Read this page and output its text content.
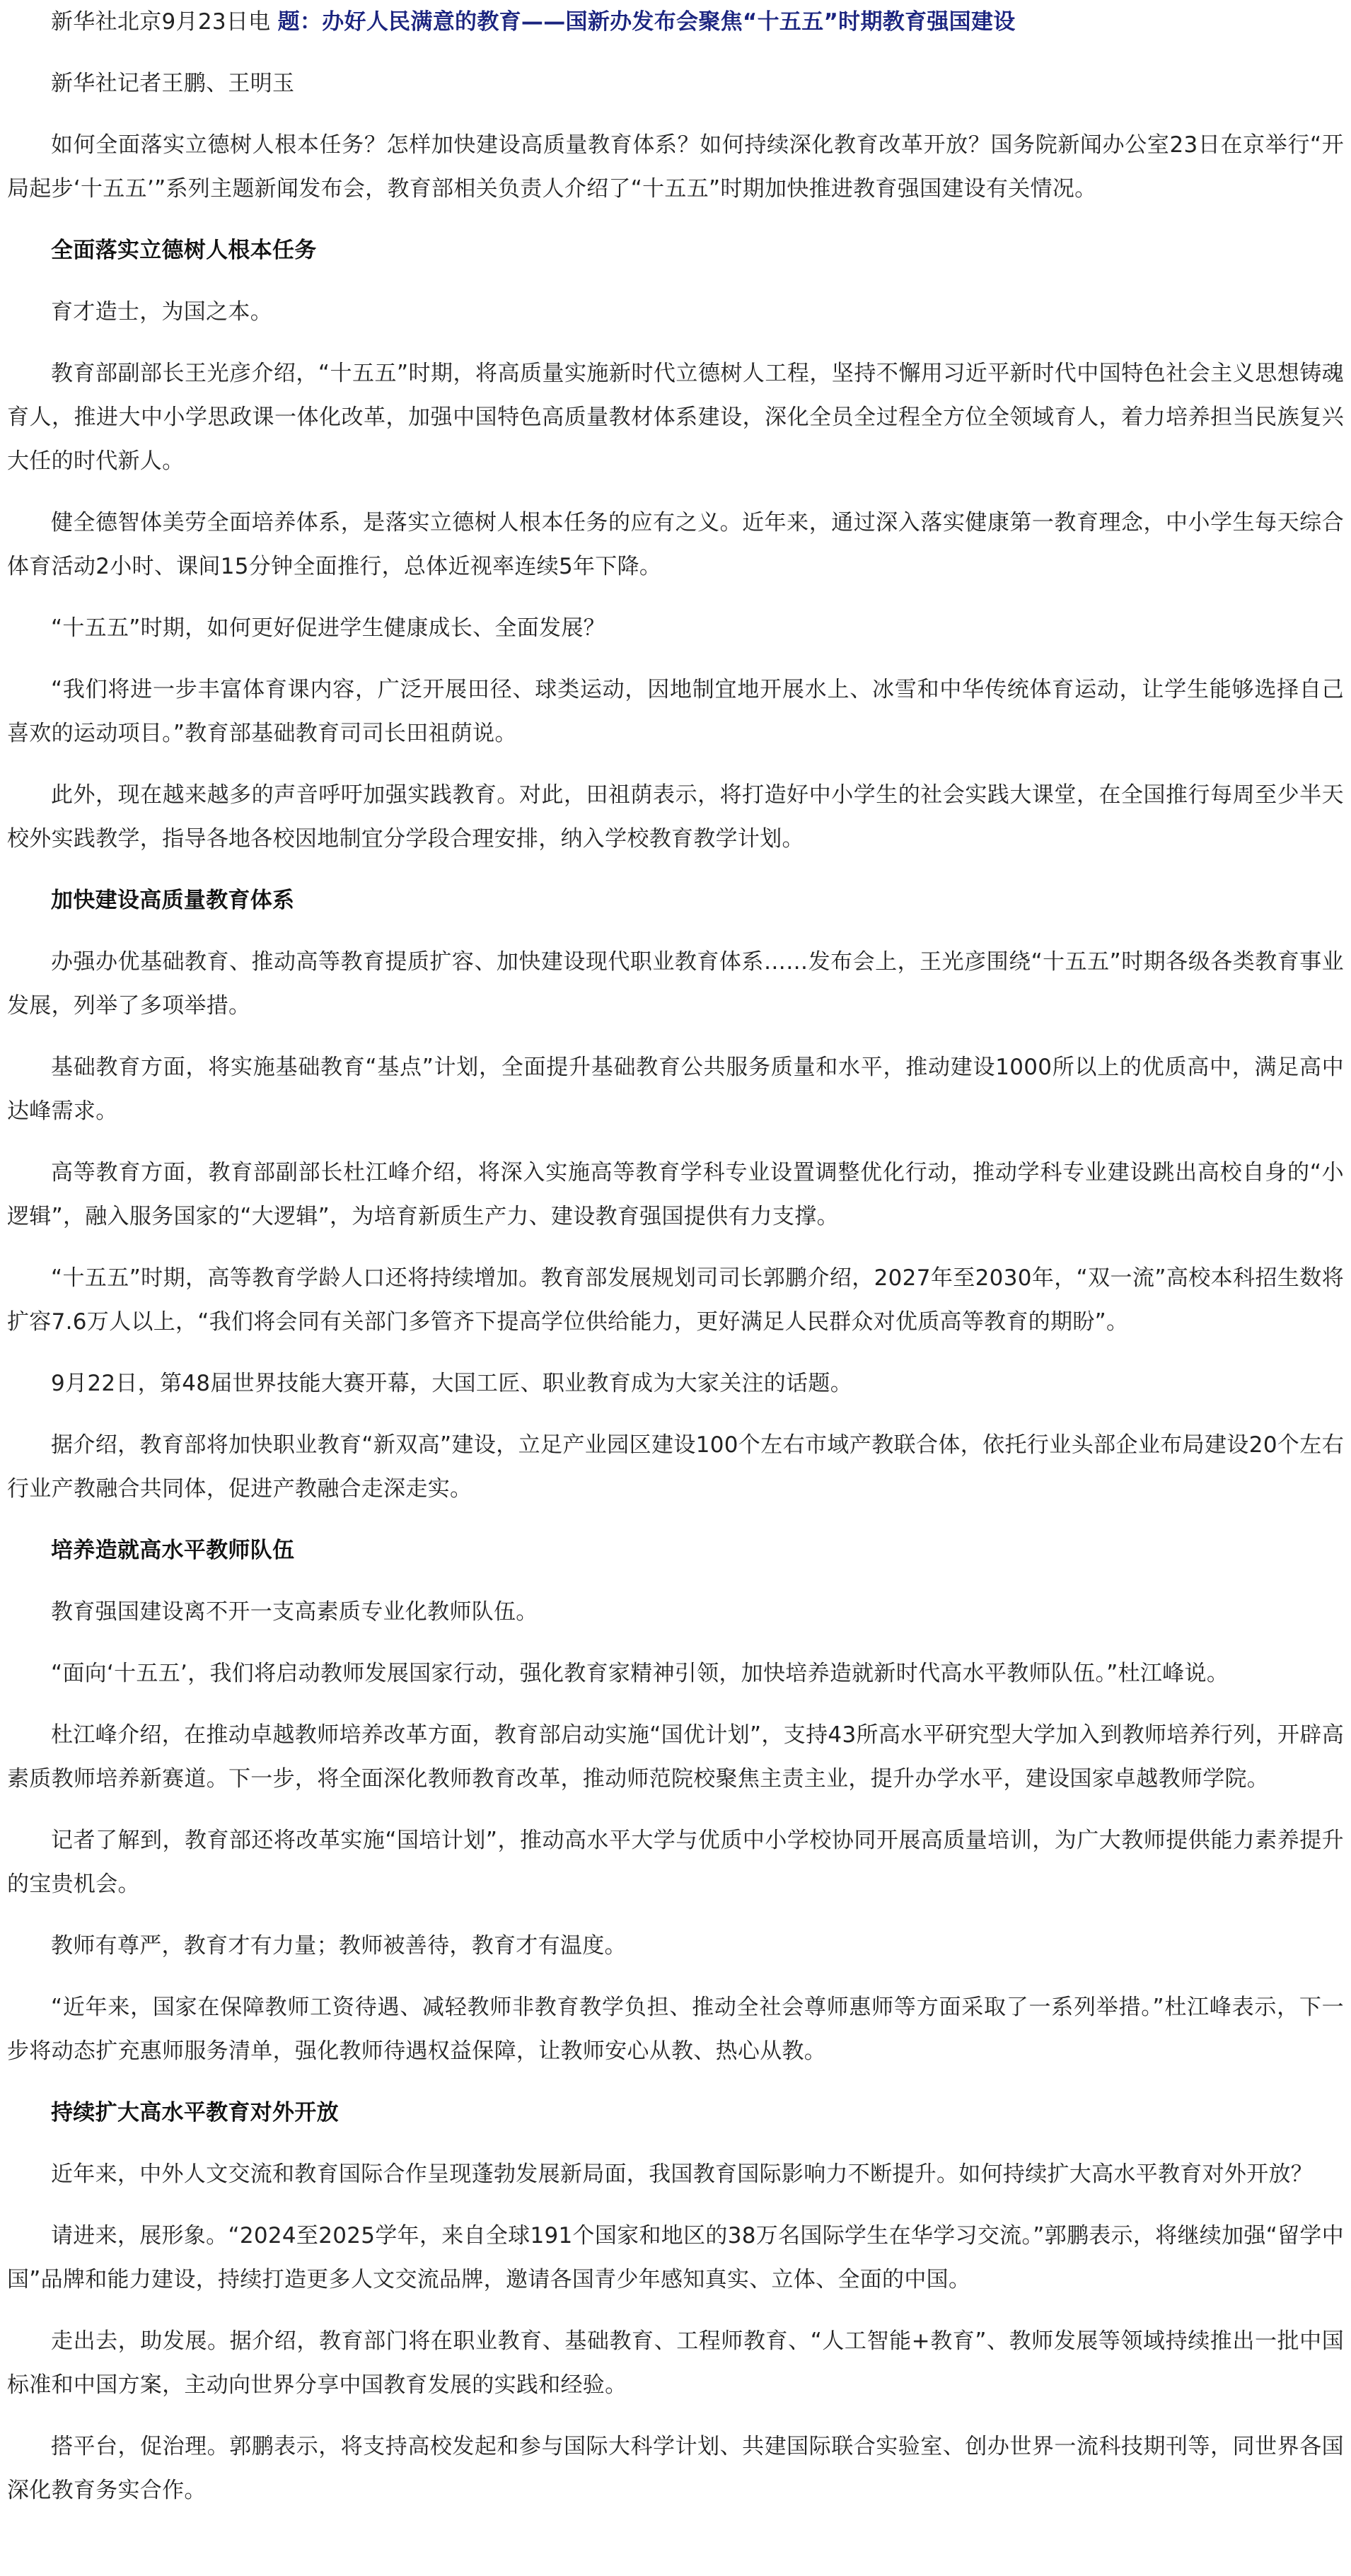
新华社北京9月23日电 题：办好人民满意的教育——国新办发布会聚焦“十五五”时期教育强国建设

新华社记者王鹏、王明玉

如何全面落实立德树人根本任务？怎样加快建设高质量教育体系？如何持续深化教育改革开放？国务院新闻办公室23日在京举行“开局起步‘十五五’”系列主题新闻发布会，教育部相关负责人介绍了“十五五”时期加快推进教育强国建设有关情况。

全面落实立德树人根本任务

育才造士，为国之本。

教育部副部长王光彦介绍，“十五五”时期，将高质量实施新时代立德树人工程，坚持不懈用习近平新时代中国特色社会主义思想铸魂育人，推进大中小学思政课一体化改革，加强中国特色高质量教材体系建设，深化全员全过程全方位全领域育人，着力培养担当民族复兴大任的时代新人。

健全德智体美劳全面培养体系，是落实立德树人根本任务的应有之义。近年来，通过深入落实健康第一教育理念，中小学生每天综合体育活动2小时、课间15分钟全面推行，总体近视率连续5年下降。

“十五五”时期，如何更好促进学生健康成长、全面发展？

“我们将进一步丰富体育课内容，广泛开展田径、球类运动，因地制宜地开展水上、冰雪和中华传统体育运动，让学生能够选择自己喜欢的运动项目。”教育部基础教育司司长田祖荫说。

此外，现在越来越多的声音呼吁加强实践教育。对此，田祖荫表示，将打造好中小学生的社会实践大课堂，在全国推行每周至少半天校外实践教学，指导各地各校因地制宜分学段合理安排，纳入学校教育教学计划。

加快建设高质量教育体系

办强办优基础教育、推动高等教育提质扩容、加快建设现代职业教育体系……发布会上，王光彦围绕“十五五”时期各级各类教育事业发展，列举了多项举措。

基础教育方面，将实施基础教育“基点”计划，全面提升基础教育公共服务质量和水平，推动建设1000所以上的优质高中，满足高中达峰需求。

高等教育方面，教育部副部长杜江峰介绍，将深入实施高等教育学科专业设置调整优化行动，推动学科专业建设跳出高校自身的“小逻辑”，融入服务国家的“大逻辑”，为培育新质生产力、建设教育强国提供有力支撑。

“十五五”时期，高等教育学龄人口还将持续增加。教育部发展规划司司长郭鹏介绍，2027年至2030年，“双一流”高校本科招生数将扩容7.6万人以上，“我们将会同有关部门多管齐下提高学位供给能力，更好满足人民群众对优质高等教育的期盼”。

9月22日，第48届世界技能大赛开幕，大国工匠、职业教育成为大家关注的话题。

据介绍，教育部将加快职业教育“新双高”建设，立足产业园区建设100个左右市域产教联合体，依托行业头部企业布局建设20个左右行业产教融合共同体，促进产教融合走深走实。

培养造就高水平教师队伍

教育强国建设离不开一支高素质专业化教师队伍。

“面向‘十五五’，我们将启动教师发展国家行动，强化教育家精神引领，加快培养造就新时代高水平教师队伍。”杜江峰说。

杜江峰介绍，在推动卓越教师培养改革方面，教育部启动实施“国优计划”，支持43所高水平研究型大学加入到教师培养行列，开辟高素质教师培养新赛道。下一步，将全面深化教师教育改革，推动师范院校聚焦主责主业，提升办学水平，建设国家卓越教师学院。

记者了解到，教育部还将改革实施“国培计划”，推动高水平大学与优质中小学校协同开展高质量培训，为广大教师提供能力素养提升的宝贵机会。

教师有尊严，教育才有力量；教师被善待，教育才有温度。

“近年来，国家在保障教师工资待遇、减轻教师非教育教学负担、推动全社会尊师惠师等方面采取了一系列举措。”杜江峰表示，下一步将动态扩充惠师服务清单，强化教师待遇权益保障，让教师安心从教、热心从教。

持续扩大高水平教育对外开放

近年来，中外人文交流和教育国际合作呈现蓬勃发展新局面，我国教育国际影响力不断提升。如何持续扩大高水平教育对外开放？

请进来，展形象。“2024至2025学年，来自全球191个国家和地区的38万名国际学生在华学习交流。”郭鹏表示，将继续加强“留学中国”品牌和能力建设，持续打造更多人文交流品牌，邀请各国青少年感知真实、立体、全面的中国。

走出去，助发展。据介绍，教育部门将在职业教育、基础教育、工程师教育、“人工智能+教育”、教师发展等领域持续推出一批中国标准和中国方案，主动向世界分享中国教育发展的实践和经验。

搭平台，促治理。郭鹏表示，将支持高校发起和参与国际大科学计划、共建国际联合实验室、创办世界一流科技期刊等，同世界各国深化教育务实合作。
